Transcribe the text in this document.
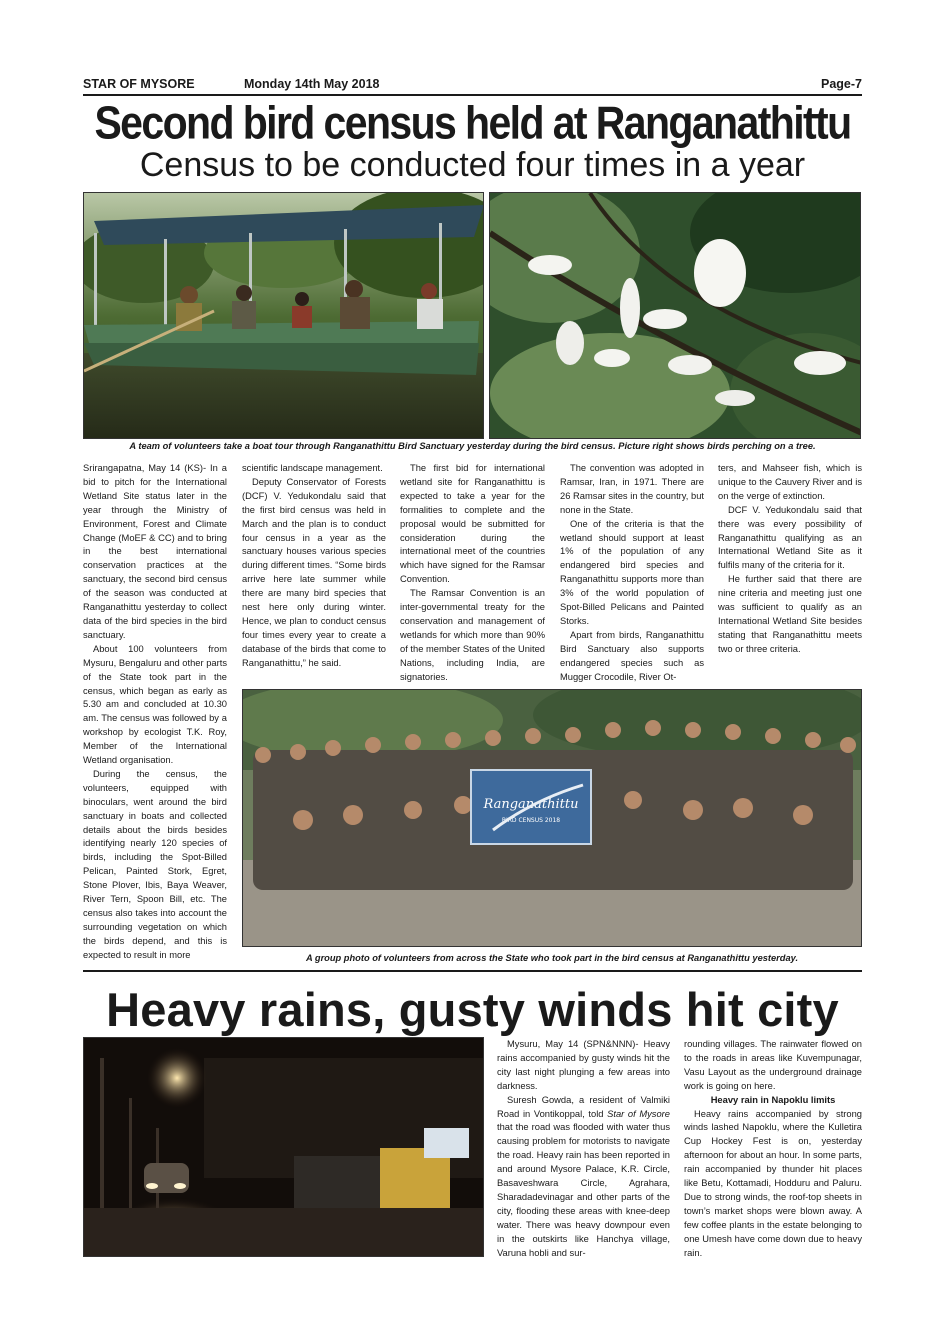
STAR OF MYSORE	Monday 14th May 2018	Page-7
Second bird census held at Ranganathittu
Census to be conducted four times in a year
A team of volunteers take a boat tour through Ranganathittu Bird Sanctuary yesterday during the bird census. Picture right shows birds perching on a tree.

Srirangapatna, May 14 (KS)- In a bid to pitch for the International Wetland Site status later in the year through the Ministry of Environment, Forest and Climate Change (MoEF & CC) and to bring in the best international conservation practices at the sanctuary, the second bird census of the season was conducted at Ranganathittu yesterday to collect data of the bird species in the bird sanctuary.

About 100 volunteers from Mysuru, Bengaluru and other parts of the State took part in the census, which began as early as 5.30 am and concluded at 10.30 am. The census was followed by a workshop by ecologist T.K. Roy, Member of the International Wetland organisation.

During the census, the volunteers, equipped with binoculars, went around the bird sanctuary in boats and collected details about the birds besides identifying nearly 120 species of birds, including the Spot-Billed Pelican, Painted Stork, Egret, Stone Plover, Ibis, Baya Weaver, River Tern, Spoon Bill, etc. The census also takes into account the surrounding vegetation on which the birds depend, and this is expected to result in more

scientific landscape management.

Deputy Conservator of Forests (DCF) V. Yedukondalu said that the first bird census was held in March and the plan is to conduct four census in a year as the sanctuary houses various species during different times. “Some birds arrive here late summer while there are many bird species that nest here only during winter. Hence, we plan to conduct census four times every year to create a database of the birds that come to Ranganathittu,” he said.

The first bid for international wetland site for Ranganathittu is expected to take a year for the formalities to complete and the proposal would be submitted for consideration during the international meet of the countries which have signed for the Ramsar Convention.

The Ramsar Convention is an inter-governmental treaty for the conservation and management of wetlands for which more than 90% of the member States of the United Nations, including India, are signatories.

The convention was adopted in Ramsar, Iran, in 1971. There are 26 Ramsar sites in the country, but none in the State.

One of the criteria is that the wetland should support at least 1% of the population of any endangered bird species and Ranganathittu supports more than 3% of the world population of Spot-Billed Pelicans and Painted Storks.

Apart from birds, Ranganathittu Bird Sanctuary also supports endangered species such as Mugger Crocodile, River Ot-

ters, and Mahseer fish, which is unique to the Cauvery River and is on the verge of extinction.

DCF V. Yedukondalu said that there was every possibility of Ranganathittu qualifying as an International Wetland Site as it fulfils many of the criteria for it.

He further said that there are nine criteria and meeting just one was sufficient to qualify as an International Wetland Site besides stating that Ranganathittu meets two or three criteria.

Ranganathittu
BIRD CENSUS 2018
A group photo of volunteers from across the State who took part in the bird census at Ranganathittu yesterday.
Heavy rains, gusty winds hit city

Mysuru, May 14 (SPN&NNN)- Heavy rains accompanied by gusty winds hit the city last night plunging a few areas into darkness.

Suresh Gowda, a resident of Valmiki Road in Vontikoppal, told Star of Mysore that the road was flooded with water thus causing problem for motorists to navigate the road. Heavy rain has been reported in and around Mysore Palace, K.R. Circle, Basaveshwara Circle, Agrahara, Sharadadevinagar and other parts of the city, flooding these areas with knee-deep water. There was heavy downpour even in the outskirts like Hanchya village, Varuna hobli and sur-

rounding villages. The rainwater flowed on to the roads in areas like Kuvempunagar, Vasu Layout as the underground drainage work is going on here.

Heavy rain in Napoklu limits

Heavy rains accompanied by strong winds lashed Napoklu, where the Kulletira Cup Hockey Fest is on, yesterday afternoon for about an hour. In some parts, rain accompanied by thunder hit places like Betu, Kottamadi, Hodduru and Paluru. Due to strong winds, the roof-top sheets in town’s market shops were blown away. A few coffee plants in the estate belonging to one Umesh have come down due to heavy rain.
